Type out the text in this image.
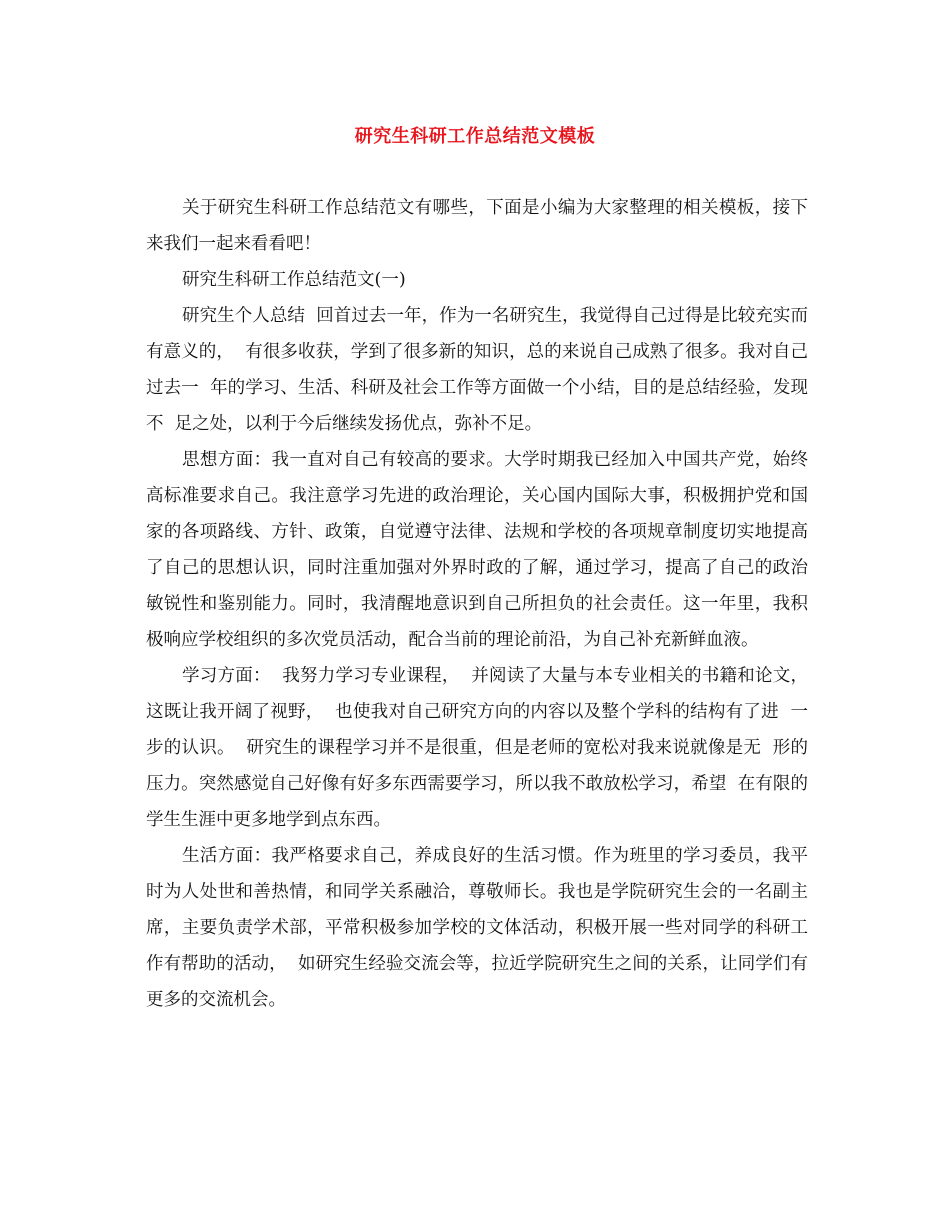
研究生科研工作总结范文模板

关于研究生科研工作总结范文有哪些，下面是小编为大家整理的相关模板，接下来我们一起来看看吧！

研究生科研工作总结范文(一)

研究生个人总结  回首过去一年，作为一名研究生，我觉得自己过得是比较充实而有意义的，  有很多收获，学到了很多新的知识，总的来说自己成熟了很多。我对自己过去一  年的学习、生活、科研及社会工作等方面做一个小结，目的是总结经验，发现不  足之处，以利于今后继续发扬优点，弥补不足。

思想方面：我一直对自己有较高的要求。大学时期我已经加入中国共产党，始终高标准要求自己。我注意学习先进的政治理论，关心国内国际大事，积极拥护党和国家的各项路线、方针、政策，自觉遵守法律、法规和学校的各项规章制度切实地提高了自己的思想认识，同时注重加强对外界时政的了解，通过学习，提高了自己的政治敏锐性和鉴别能力。同时，我清醒地意识到自己所担负的社会责任。这一年里，我积极响应学校组织的多次党员活动，配合当前的理论前沿，为自己补充新鲜血液。

学习方面：  我努力学习专业课程，  并阅读了大量与本专业相关的书籍和论文，  这既让我开阔了视野，  也使我对自己研究方向的内容以及整个学科的结构有了进  一步的认识。  研究生的课程学习并不是很重，但是老师的宽松对我来说就像是无  形的压力。突然感觉自己好像有好多东西需要学习，所以我不敢放松学习，希望  在有限的学生生涯中更多地学到点东西。

生活方面：我严格要求自己，养成良好的生活习惯。作为班里的学习委员，我平时为人处世和善热情，和同学关系融洽，尊敬师长。我也是学院研究生会的一名副主席，主要负责学术部，平常积极参加学校的文体活动，积极开展一些对同学的科研工作有帮助的活动，  如研究生经验交流会等，拉近学院研究生之间的关系，让同学们有更多的交流机会。
